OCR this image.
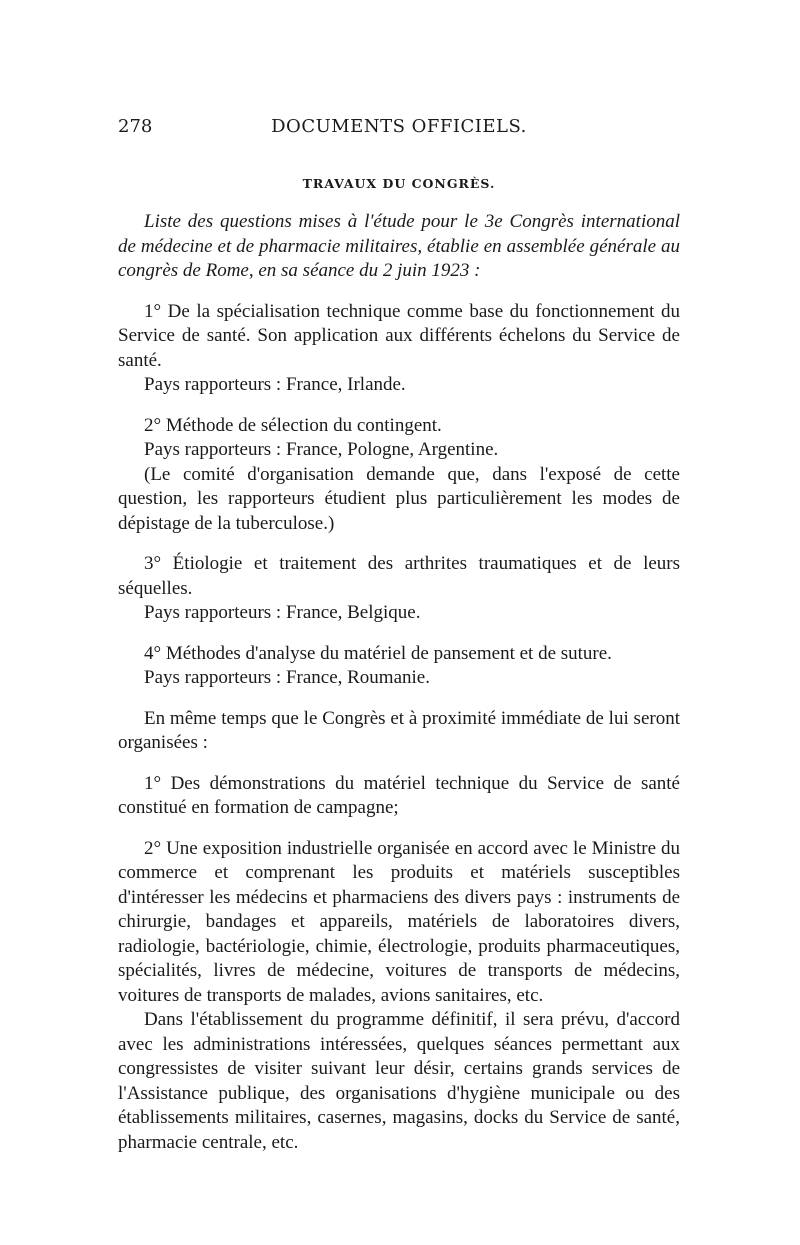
278	DOCUMENTS OFFICIELS.
TRAVAUX DU CONGRÈS.

Liste des questions mises à l'étude pour le 3e Congrès international de médecine et de pharmacie militaires, établie en assemblée générale au congrès de Rome, en sa séance du 2 juin 1923 :

1° De la spécialisation technique comme base du fonctionnement du Service de santé. Son application aux différents échelons du Service de santé.

Pays rapporteurs : France, Irlande.

2° Méthode de sélection du contingent.

Pays rapporteurs : France, Pologne, Argentine.

(Le comité d'organisation demande que, dans l'exposé de cette question, les rapporteurs étudient plus particulièrement les modes de dépistage de la tuberculose.)

3° Étiologie et traitement des arthrites traumatiques et de leurs séquelles.

Pays rapporteurs : France, Belgique.

4° Méthodes d'analyse du matériel de pansement et de suture.

Pays rapporteurs : France, Roumanie.

En même temps que le Congrès et à proximité immédiate de lui seront organisées :

1° Des démonstrations du matériel technique du Service de santé constitué en formation de campagne;

2° Une exposition industrielle organisée en accord avec le Ministre du commerce et comprenant les produits et matériels susceptibles d'intéresser les médecins et pharmaciens des divers pays : instruments de chirurgie, bandages et appareils, matériels de laboratoires divers, radiologie, bactériologie, chimie, électrologie, produits pharmaceutiques, spécialités, livres de médecine, voitures de transports de médecins, voitures de transports de malades, avions sanitaires, etc.

Dans l'établissement du programme définitif, il sera prévu, d'accord avec les administrations intéressées, quelques séances permettant aux congressistes de visiter suivant leur désir, certains grands services de l'Assistance publique, des organisations d'hygiène municipale ou des établissements militaires, casernes, magasins, docks du Service de santé, pharmacie centrale, etc.
